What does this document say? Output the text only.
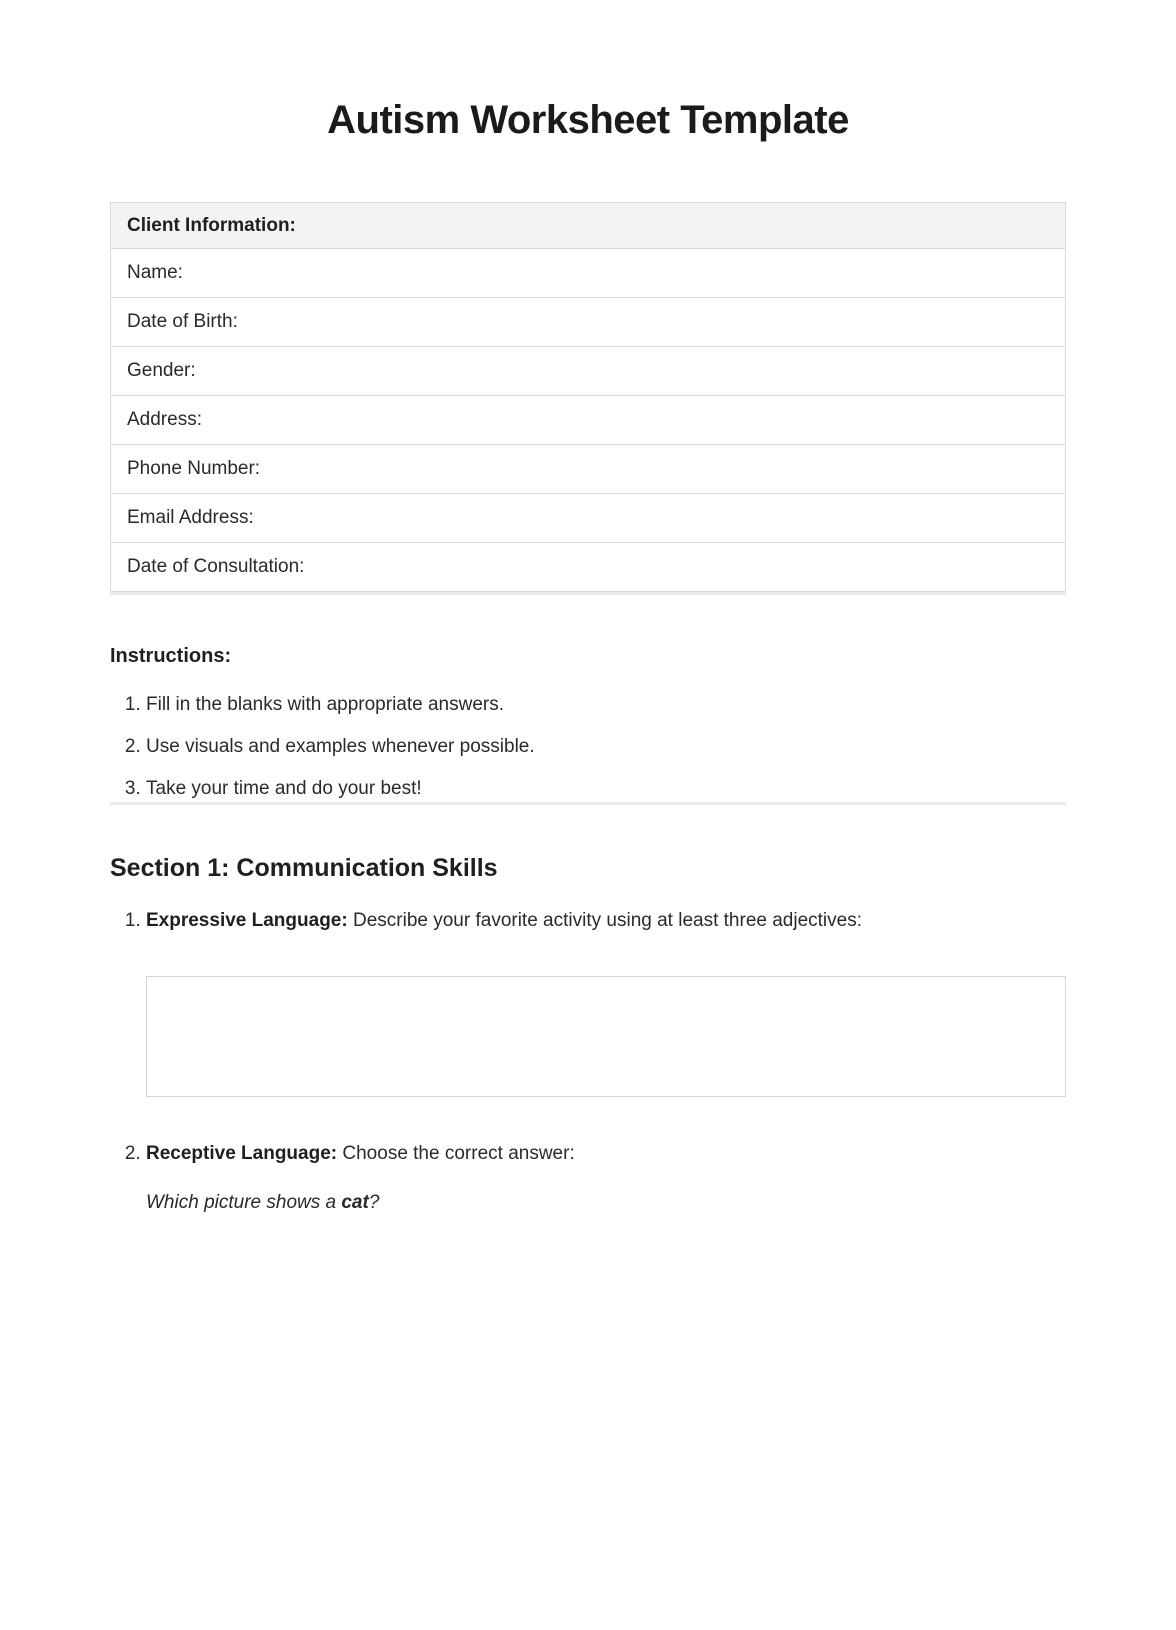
Autism Worksheet Template
Client Information:
Name:
Date of Birth:
Gender:
Address:
Phone Number:
Email Address:
Date of Consultation:
Instructions:
1. Fill in the blanks with appropriate answers.
2. Use visuals and examples whenever possible.
3. Take your time and do your best!
Section 1: Communication Skills
1. Expressive Language: Describe your favorite activity using at least three adjectives:
2. Receptive Language: Choose the correct answer:

Which picture shows a cat?
